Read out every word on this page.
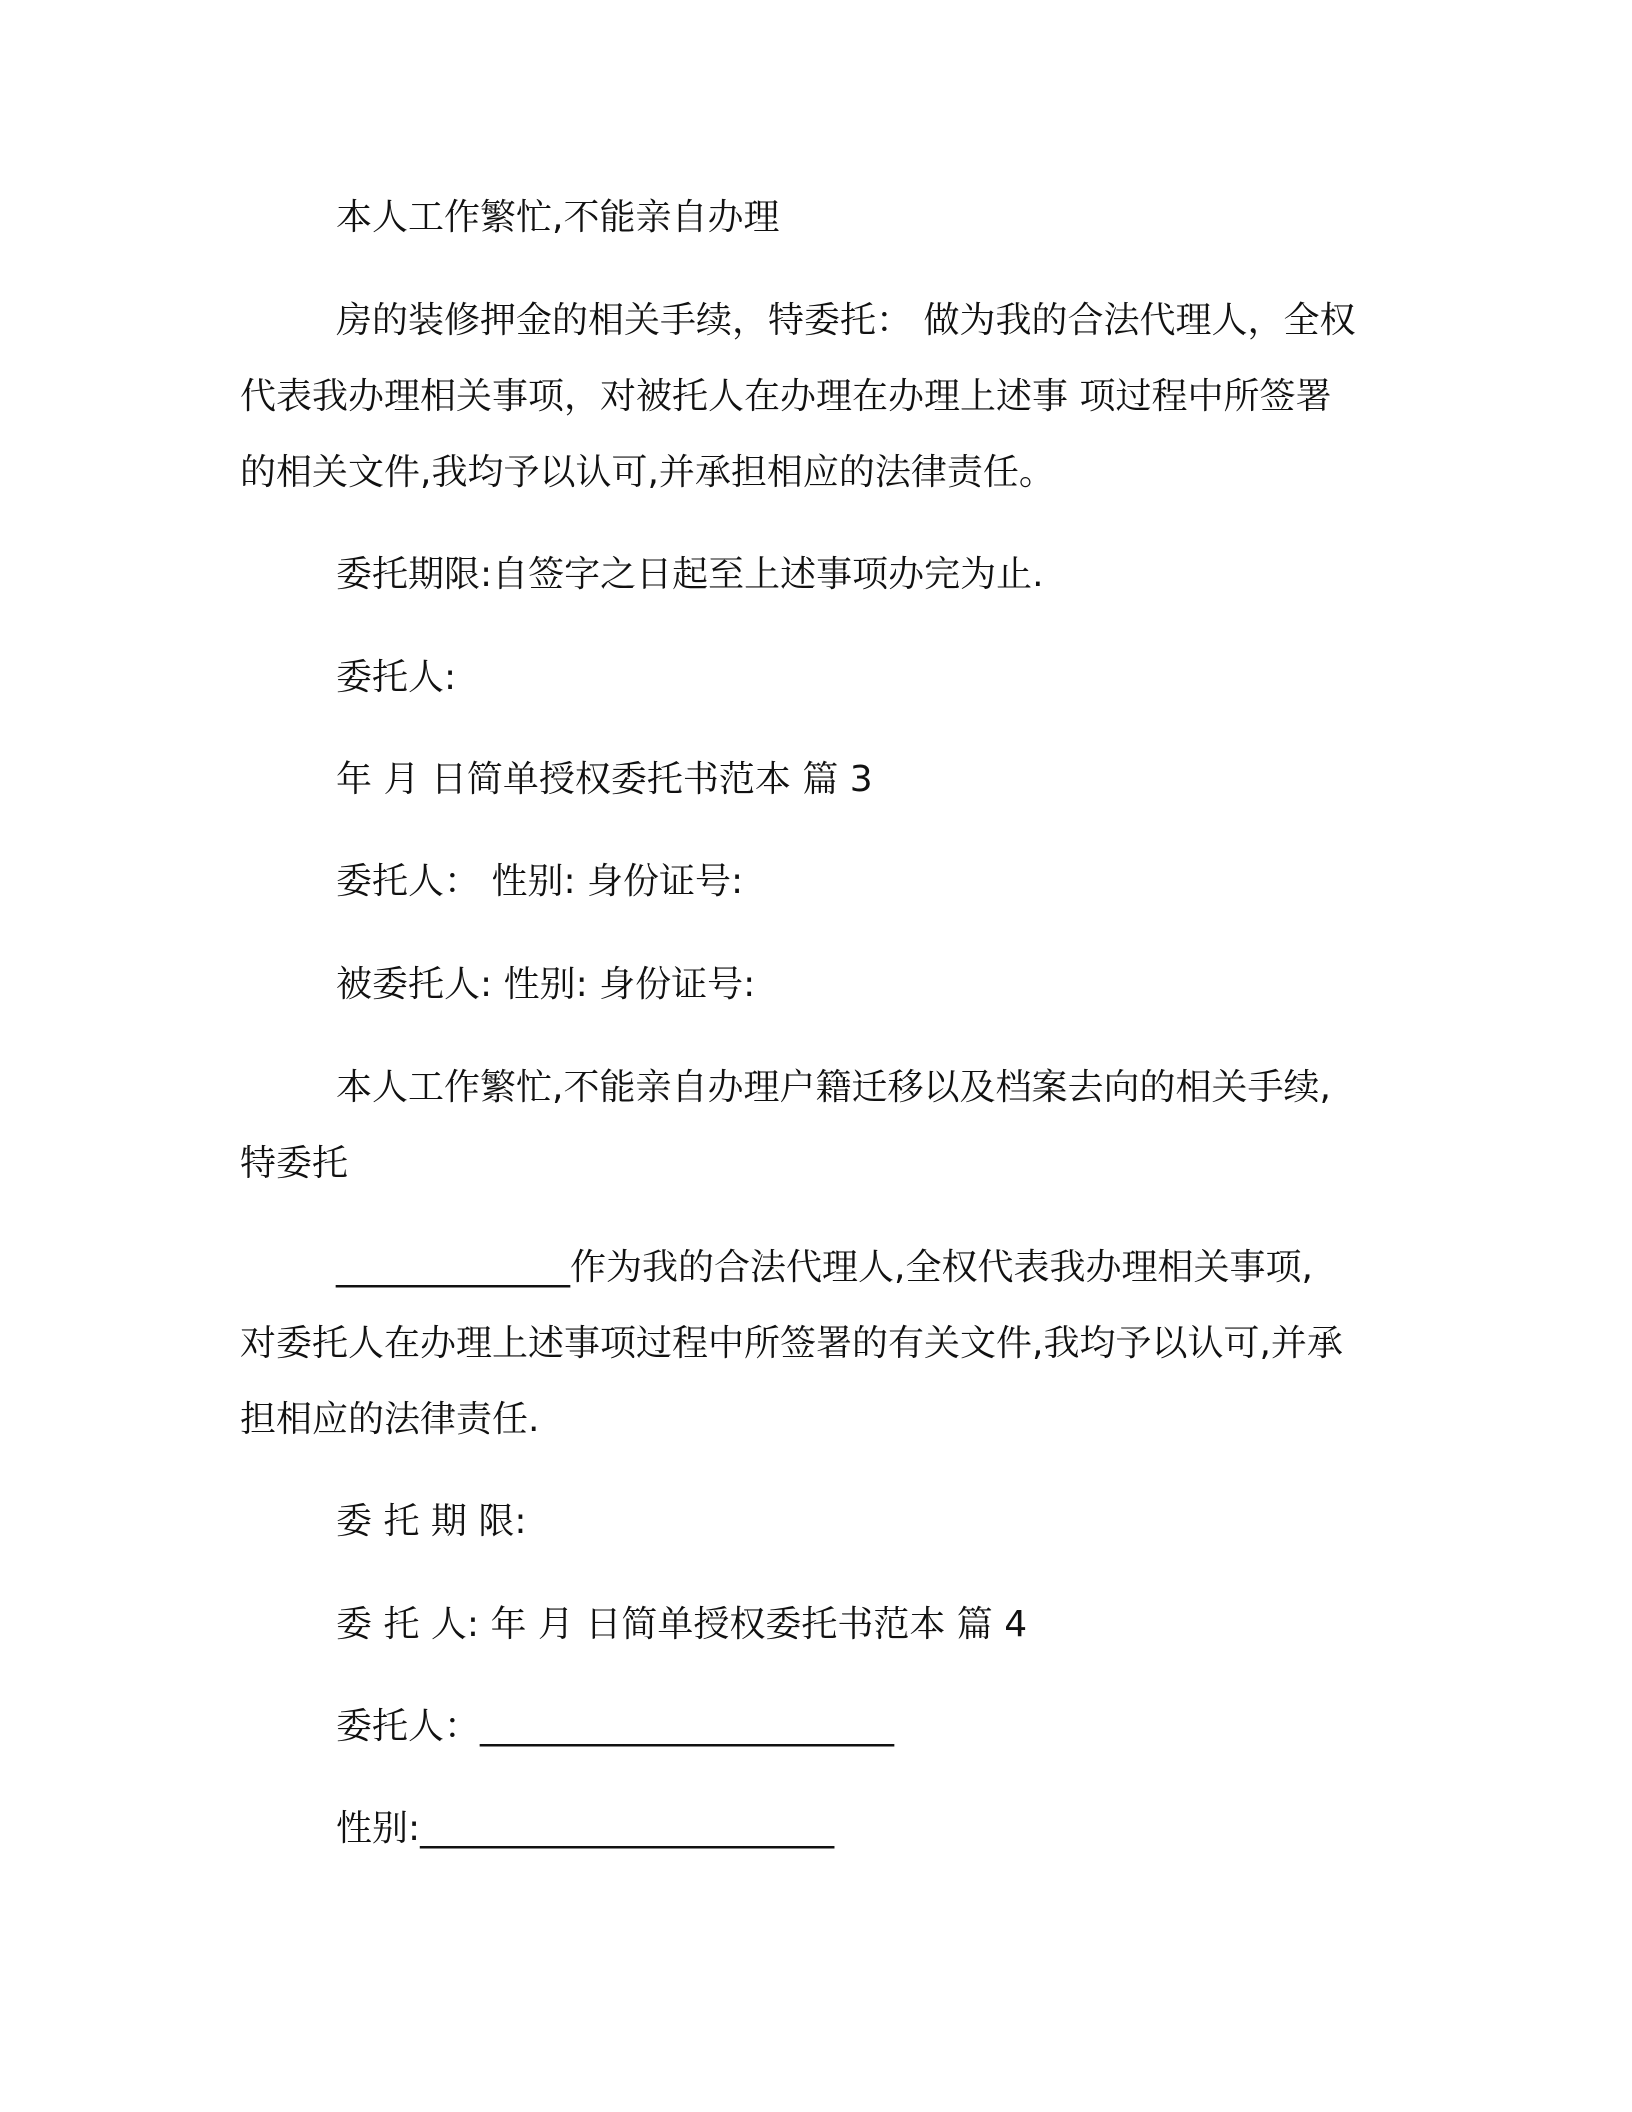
本人工作繁忙,不能亲自办理

房的装修押金的相关手续，特委托： 做为我的合法代理人，全权
代表我办理相关事项，对被托人在办理在办理上述事 项过程中所签署
的相关文件,我均予以认可,并承担相应的法律责任。

委托期限:自签字之日起至上述事项办完为止.

委托人:

年 月 日简单授权委托书范本 篇 3

委托人： 性别: 身份证号:

被委托人: 性别: 身份证号:

本人工作繁忙,不能亲自办理户籍迁移以及档案去向的相关手续,
特委托

_____________作为我的合法代理人,全权代表我办理相关事项,
对委托人在办理上述事项过程中所签署的有关文件,我均予以认可,并承
担相应的法律责任.

委 托 期 限:

委 托 人: 年 月 日简单授权委托书范本 篇 4

委托人：_______________________

性别:_______________________
